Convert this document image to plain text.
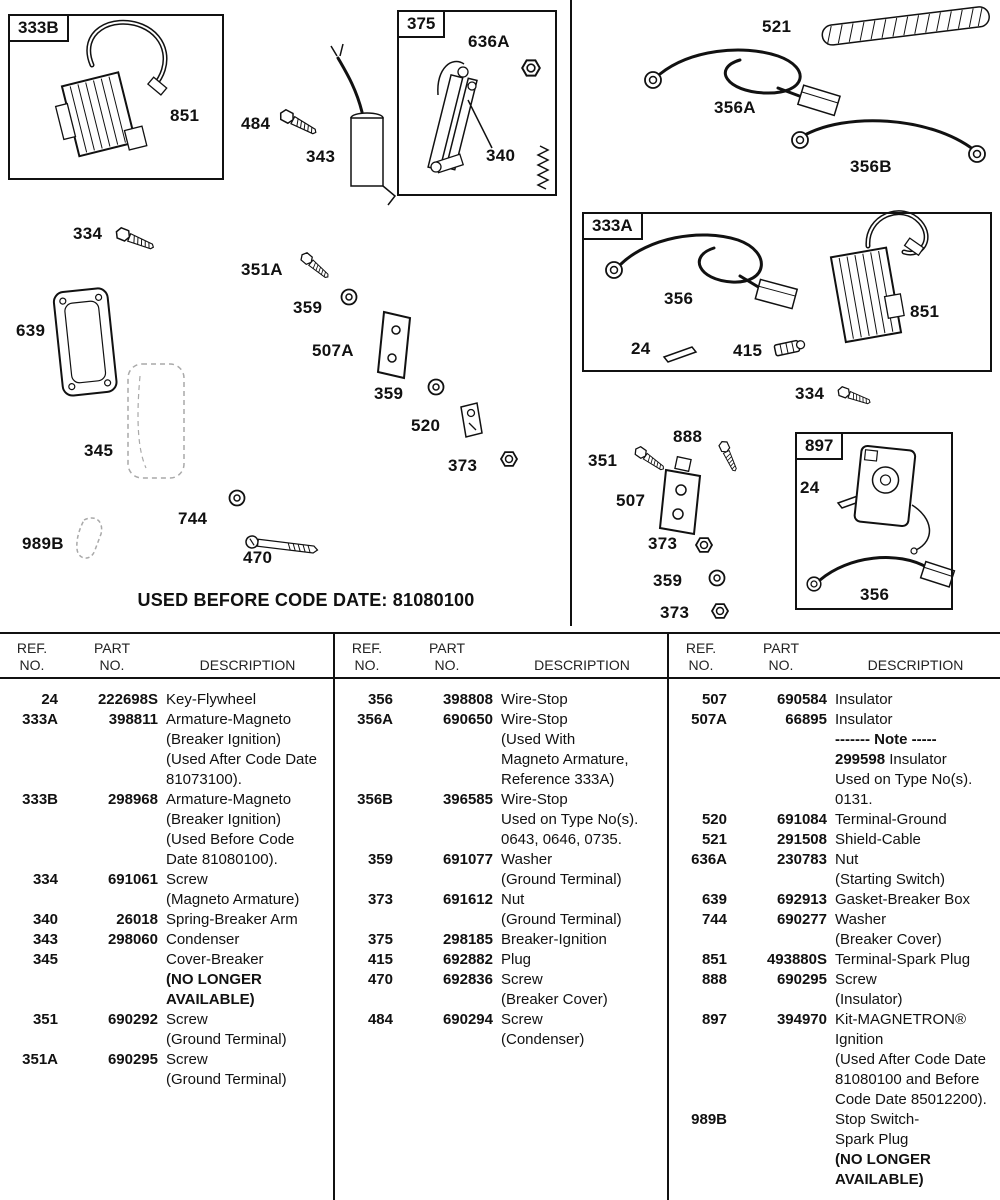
851 484
343
636A
340
521
356A
356B
356
851
24	415
334
351A
359
507A
639
359
520
373
345
744
470
989B
334
888
351
507
24
373
359
373
356
333B	375
333A
897
USED BEFORE CODE DATE: 81080100
REF.
NO.
PART
NO.	DESCRIPTION
24	222698S Key-Flywheel
333A	398811 Armature-Magneto
(Breaker Ignition)
(Used After Code Date
81073100).
333B	298968 Armature-Magneto
(Breaker Ignition)
(Used Before Code
Date 81080100).
334	691061 Screw
(Magneto Armature)
340	26018 Spring-Breaker Arm
343	298060 Condenser
345	Cover-Breaker
(NO LONGER
AVAILABLE)
351	690292 Screw
(Ground Terminal)
351A	690295 Screw
(Ground Terminal)
REF.
NO.
PART
NO.	DESCRIPTION
356	398808 Wire-Stop
356A	690650 Wire-Stop
(Used With
Magneto Armature,
Reference 333A)
356B	396585 Wire-Stop
Used on Type No(s).
0643, 0646, 0735.
359	691077 Washer
(Ground Terminal)
373	691612 Nut
(Ground Terminal)
375	298185 Breaker-Ignition
415	692882 Plug
470	692836 Screw
(Breaker Cover)
484	690294 Screw
(Condenser)
REF.
NO.
PART
NO.	DESCRIPTION
507	690584 Insulator
507A	66895 Insulator
------- Note -----
299598 Insulator
Used on Type No(s).
0131.
520	691084 Terminal-Ground
521	291508 Shield-Cable
636A	230783 Nut
(Starting Switch)
639	692913 Gasket-Breaker Box
744	690277 Washer
(Breaker Cover)
851	493880S Terminal-Spark Plug
888	690295 Screw
(Insulator)
897	394970 Kit-MAGNETRON®
Ignition
(Used After Code Date
81080100 and Before
Code Date 85012200).
989B	Stop Switch-
Spark Plug
(NO LONGER
AVAILABLE)
